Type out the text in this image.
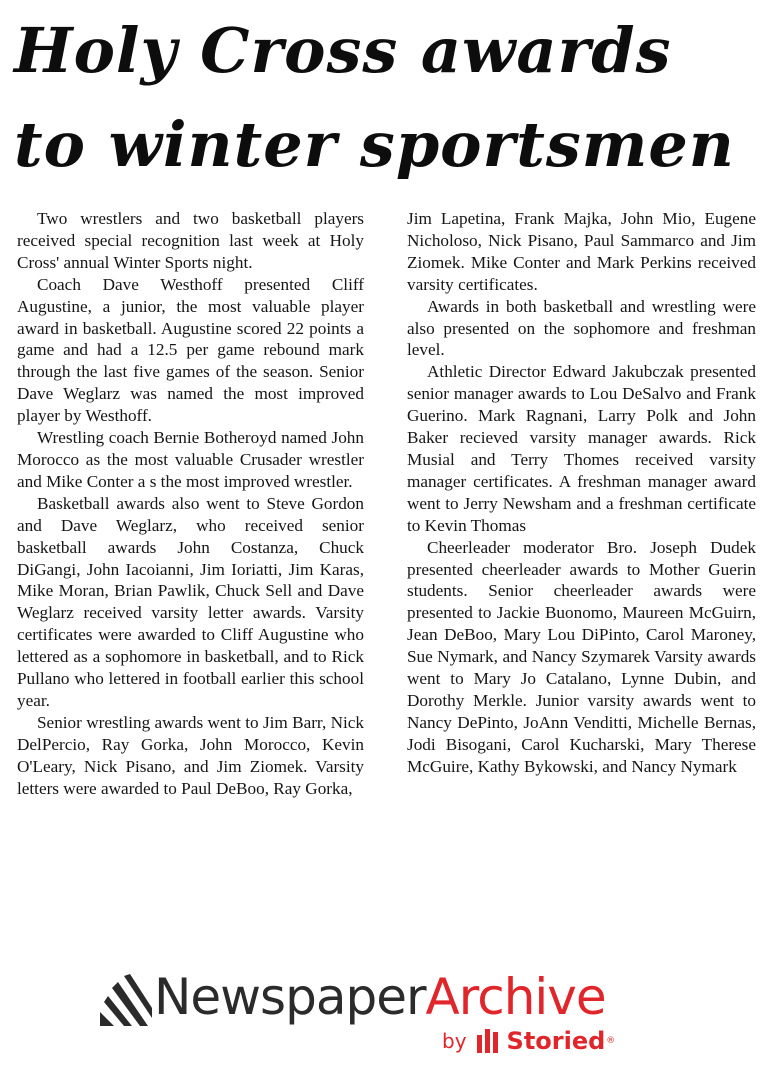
Holy Cross awards
to winter sportsmen

Two wrestlers and two basketball players received special recognition last week at Holy Cross' annual Winter Sports night.

Coach Dave Westhoff presented Cliff Augustine, a junior, the most valuable player award in basketball. Augustine scored 22 points a game and had a 12.5 per game rebound mark through the last five games of the season. Senior Dave Weglarz was named the most improved player by Westhoff.

Wrestling coach Bernie Botheroyd named John Morocco as the most valuable Crusader wrestler and Mike Conter a s the most improved wrestler.

Basketball awards also went to Steve Gordon and Dave Weglarz, who received senior basketball awards John Costanza, Chuck DiGangi, John Iacoianni, Jim Ioriatti, Jim Karas, Mike Moran, Brian Pawlik, Chuck Sell and Dave Weglarz received varsity letter awards. Varsity certificates were awarded to Cliff Augustine who lettered as a sophomore in basketball, and to Rick Pullano who lettered in football earlier this school year.

Senior wrestling awards went to Jim Barr, Nick DelPercio, Ray Gorka, John Morocco, Kevin O'Leary, Nick Pisano, and Jim Ziomek. Varsity letters were awarded to Paul DeBoo, Ray Gorka,

Jim Lapetina, Frank Majka, John Mio, Eugene Nicholoso, Nick Pisano, Paul Sammarco and Jim Ziomek. Mike Conter and Mark Perkins received varsity certificates.

Awards in both basketball and wrestling were also presented on the sophomore and freshman level.

Athletic Director Edward Jakubczak presented senior manager awards to Lou DeSalvo and Frank Guerino. Mark Ragnani, Larry Polk and John Baker recieved varsity manager awards. Rick Musial and Terry Thomes received varsity manager certificates. A freshman manager award went to Jerry Newsham and a freshman certificate to Kevin Thomas

Cheerleader moderator Bro. Joseph Dudek presented cheerleader awards to Mother Guerin students. Senior cheerleader awards were presented to Jackie Buonomo, Maureen McGuirn, Jean DeBoo, Mary Lou DiPinto, Carol Maroney, Sue Nymark, and Nancy Szymarek Varsity awards went to Mary Jo Catalano, Lynne Dubin, and Dorothy Merkle. Junior varsity awards went to Nancy DePinto, JoAnn Venditti, Michelle Bernas, Jodi Bisogani, Carol Kucharski, Mary Therese McGuire, Kathy Bykowski, and Nancy Nymark

NewspaperArchive
by Storied ®
